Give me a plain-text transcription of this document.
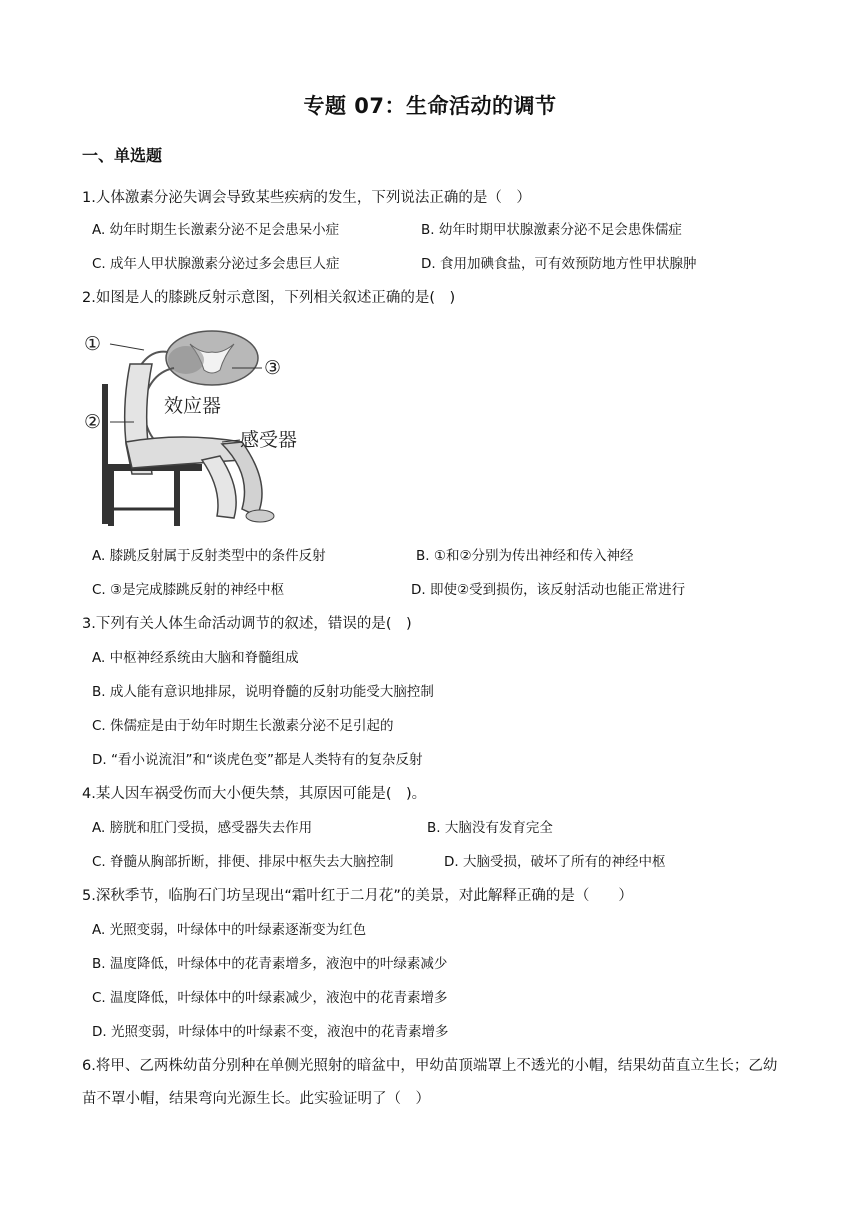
专题 07：生命活动的调节
一、单选题
1.人体激素分泌失调会导致某些疾病的发生，下列说法正确的是（　）
A. 幼年时期生长激素分泌不足会患呆小症	B. 幼年时期甲状腺激素分泌不足会患侏儒症
C. 成年人甲状腺激素分泌过多会患巨人症	D. 食用加碘食盐，可有效预防地方性甲状腺肿
2.如图是人的膝跳反射示意图，下列相关叙述正确的是(　)
①
②
③
效应器
感受器
A. 膝跳反射属于反射类型中的条件反射	B. ①和②分别为传出神经和传入神经
C. ③是完成膝跳反射的神经中枢	D. 即使②受到损伤，该反射活动也能正常进行
3.下列有关人体生命活动调节的叙述，错误的是(　)
A. 中枢神经系统由大脑和脊髓组成
B. 成人能有意识地排尿，说明脊髓的反射功能受大脑控制
C. 侏儒症是由于幼年时期生长激素分泌不足引起的
D. “看小说流泪”和“谈虎色变”都是人类特有的复杂反射
4.某人因车祸受伤而大小便失禁，其原因可能是(　)。
A. 膀胱和肛门受损，感受器失去作用	B. 大脑没有发育完全
C. 脊髓从胸部折断，排便、排尿中枢失去大脑控制	D. 大脑受损，破坏了所有的神经中枢
5.深秋季节，临朐石门坊呈现出“霜叶红于二月花”的美景，对此解释正确的是（　　）
A. 光照变弱，叶绿体中的叶绿素逐渐变为红色
B. 温度降低，叶绿体中的花青素增多，液泡中的叶绿素减少
C. 温度降低，叶绿体中的叶绿素减少，液泡中的花青素增多
D. 光照变弱，叶绿体中的叶绿素不变，液泡中的花青素增多
6.将甲、乙两株幼苗分别种在单侧光照射的暗盆中，甲幼苗顶端罩上不透光的小帽，结果幼苗直立生长；乙幼苗不罩小帽，结果弯向光源生长。此实验证明了（　）
